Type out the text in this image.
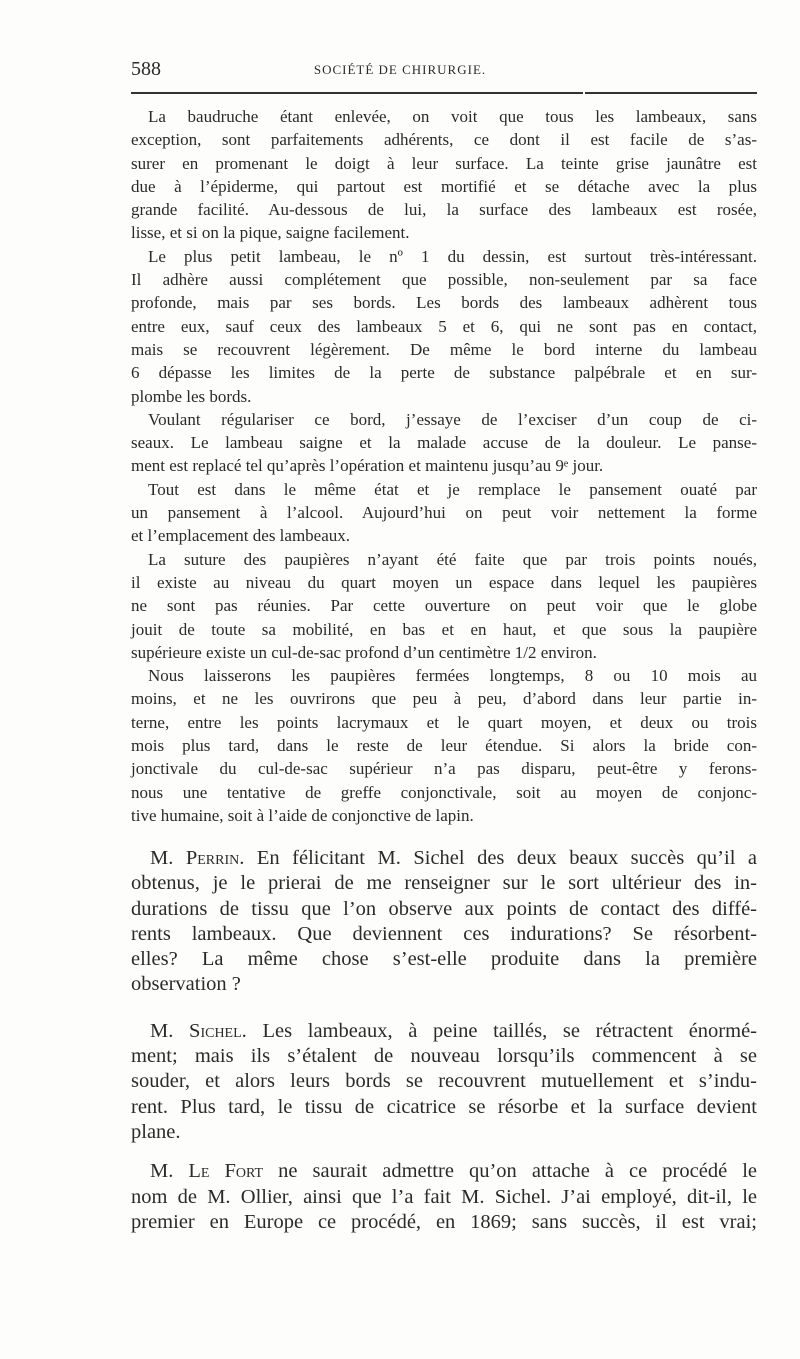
588	SOCIÉTÉ DE CHIRURGIE.
La baudruche étant enlevée, on voit que tous les lambeaux, sans
exception, sont parfaitements adhérents, ce dont il est facile de s’as-
surer en promenant le doigt à leur surface. La teinte grise jaunâtre est
due à l’épiderme, qui partout est mortifié et se détache avec la plus
grande facilité. Au-dessous de lui, la surface des lambeaux est rosée,
lisse, et si on la pique, saigne facilement.
Le plus petit lambeau, le nº 1 du dessin, est surtout très-intéressant.
Il adhère aussi complétement que possible, non-seulement par sa face
profonde, mais par ses bords. Les bords des lambeaux adhèrent tous
entre eux, sauf ceux des lambeaux 5 et 6, qui ne sont pas en contact,
mais se recouvrent légèrement. De même le bord interne du lambeau
6 dépasse les limites de la perte de substance palpébrale et en sur-
plombe les bords.
Voulant régulariser ce bord, j’essaye de l’exciser d’un coup de ci-
seaux. Le lambeau saigne et la malade accuse de la douleur. Le panse-
ment est replacé tel qu’après l’opération et maintenu jusqu’au 9ᵉ jour.
Tout est dans le même état et je remplace le pansement ouaté par
un pansement à l’alcool. Aujourd’hui on peut voir nettement la forme
et l’emplacement des lambeaux.
La suture des paupières n’ayant été faite que par trois points noués,
il existe au niveau du quart moyen un espace dans lequel les paupières
ne sont pas réunies. Par cette ouverture on peut voir que le globe
jouit de toute sa mobilité, en bas et en haut, et que sous la paupière
supérieure existe un cul-de-sac profond d’un centimètre 1/2 environ.
Nous laisserons les paupières fermées longtemps, 8 ou 10 mois au
moins, et ne les ouvrirons que peu à peu, d’abord dans leur partie in-
terne, entre les points lacrymaux et le quart moyen, et deux ou trois
mois plus tard, dans le reste de leur étendue. Si alors la bride con-
jonctivale du cul-de-sac supérieur n’a pas disparu, peut-être y ferons-
nous une tentative de greffe conjonctivale, soit au moyen de conjonc-
tive humaine, soit à l’aide de conjonctive de lapin.
M. Perrin. En félicitant M. Sichel des deux beaux succès qu’il a
obtenus, je le prierai de me renseigner sur le sort ultérieur des in-
durations de tissu que l’on observe aux points de contact des diffé-
rents lambeaux. Que deviennent ces indurations? Se résorbent-
elles? La même chose s’est-elle produite dans la première
observation ?
M. Sichel. Les lambeaux, à peine taillés, se rétractent énormé-
ment; mais ils s’étalent de nouveau lorsqu’ils commencent à se
souder, et alors leurs bords se recouvrent mutuellement et s’indu-
rent. Plus tard, le tissu de cicatrice se résorbe et la surface devient
plane.
M. Le Fort ne saurait admettre qu’on attache à ce procédé le
nom de M. Ollier, ainsi que l’a fait M. Sichel. J’ai employé, dit-il, le
premier en Europe ce procédé, en 1869; sans succès, il est vrai;
